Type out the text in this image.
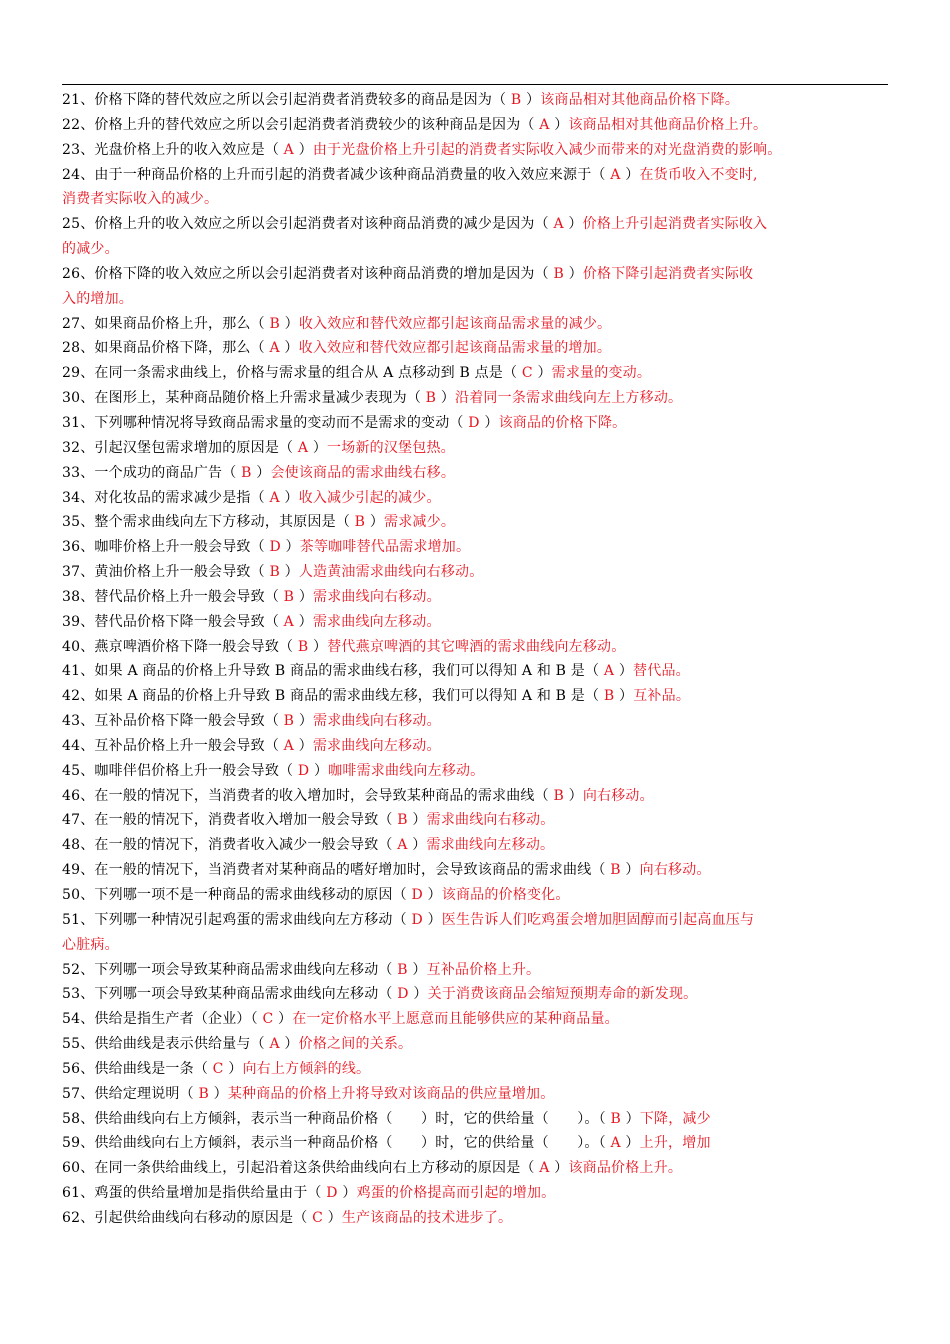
21、价格下降的替代效应之所以会引起消费者消费较多的商品是因为（ B ）该商品相对其他商品价格下降。
22、价格上升的替代效应之所以会引起消费者消费较少的该种商品是因为（ A ）该商品相对其他商品价格上升。
23、光盘价格上升的收入效应是（ A ）由于光盘价格上升引起的消费者实际收入减少而带来的对光盘消费的影响。
24、由于一种商品价格的上升而引起的消费者减少该种商品消费量的收入效应来源于（ A ）在货币收入不变时,
消费者实际收入的减少。
25、价格上升的收入效应之所以会引起消费者对该种商品消费的减少是因为（ A ）价格上升引起消费者实际收入
的减少。
26、价格下降的收入效应之所以会引起消费者对该种商品消费的增加是因为（ B ）价格下降引起消费者实际收
入的增加。
27、如果商品价格上升，那么（ B ）收入效应和替代效应都引起该商品需求量的减少。
28、如果商品价格下降，那么（ A ）收入效应和替代效应都引起该商品需求量的增加。
29、在同一条需求曲线上，价格与需求量的组合从 A 点移动到 B 点是（ C ）需求量的变动。
30、在图形上，某种商品随价格上升需求量减少表现为（ B ）沿着同一条需求曲线向左上方移动。
31、下列哪种情况将导致商品需求量的变动而不是需求的变动（ D ）该商品的价格下降。
32、引起汉堡包需求增加的原因是（ A ）一场新的汉堡包热。
33、一个成功的商品广告（ B ）会使该商品的需求曲线右移。
34、对化妆品的需求减少是指（ A ）收入减少引起的减少。
35、整个需求曲线向左下方移动，其原因是（ B ）需求减少。
36、咖啡价格上升一般会导致（ D ）茶等咖啡替代品需求增加。
37、黄油价格上升一般会导致（ B ）人造黄油需求曲线向右移动。
38、替代品价格上升一般会导致（ B ）需求曲线向右移动。
39、替代品价格下降一般会导致（ A ）需求曲线向左移动。
40、燕京啤酒价格下降一般会导致（ B ）替代燕京啤酒的其它啤酒的需求曲线向左移动。
41、如果 A 商品的价格上升导致 B 商品的需求曲线右移，我们可以得知 A 和 B 是（ A ）替代品。
42、如果 A 商品的价格上升导致 B 商品的需求曲线左移，我们可以得知 A 和 B 是（ B ）互补品。
43、互补品价格下降一般会导致（ B ）需求曲线向右移动。
44、互补品价格上升一般会导致（ A ）需求曲线向左移动。
45、咖啡伴侣价格上升一般会导致（ D ）咖啡需求曲线向左移动。
46、在一般的情况下，当消费者的收入增加时，会导致某种商品的需求曲线（ B ）向右移动。
47、在一般的情况下，消费者收入增加一般会导致（ B ）需求曲线向右移动。
48、在一般的情况下，消费者收入减少一般会导致（ A ）需求曲线向左移动。
49、在一般的情况下，当消费者对某种商品的嗜好增加时，会导致该商品的需求曲线（ B ）向右移动。
50、下列哪一项不是一种商品的需求曲线移动的原因（ D ）该商品的价格变化。
51、下列哪一种情况引起鸡蛋的需求曲线向左方移动（ D ）医生告诉人们吃鸡蛋会增加胆固醇而引起高血压与
心脏病。
52、下列哪一项会导致某种商品需求曲线向左移动（ B ）互补品价格上升。
53、下列哪一项会导致某种商品需求曲线向左移动（ D ）关于消费该商品会缩短预期寿命的新发现。
54、供给是指生产者（企业）（ C ）在一定价格水平上愿意而且能够供应的某种商品量。
55、供给曲线是表示供给量与（ A ）价格之间的关系。
56、供给曲线是一条（ C ）向右上方倾斜的线。
57、供给定理说明（ B ）某种商品的价格上升将导致对该商品的供应量增加。
58、供给曲线向右上方倾斜，表示当一种商品价格（　　）时，它的供给量（　　）。（ B ）下降，减少
59、供给曲线向右上方倾斜，表示当一种商品价格（　　）时，它的供给量（　　）。（ A ）上升，增加
60、在同一条供给曲线上，引起沿着这条供给曲线向右上方移动的原因是（ A ）该商品价格上升。
61、鸡蛋的供给量增加是指供给量由于（ D ）鸡蛋的价格提高而引起的增加。
62、引起供给曲线向右移动的原因是（ C ）生产该商品的技术进步了。
